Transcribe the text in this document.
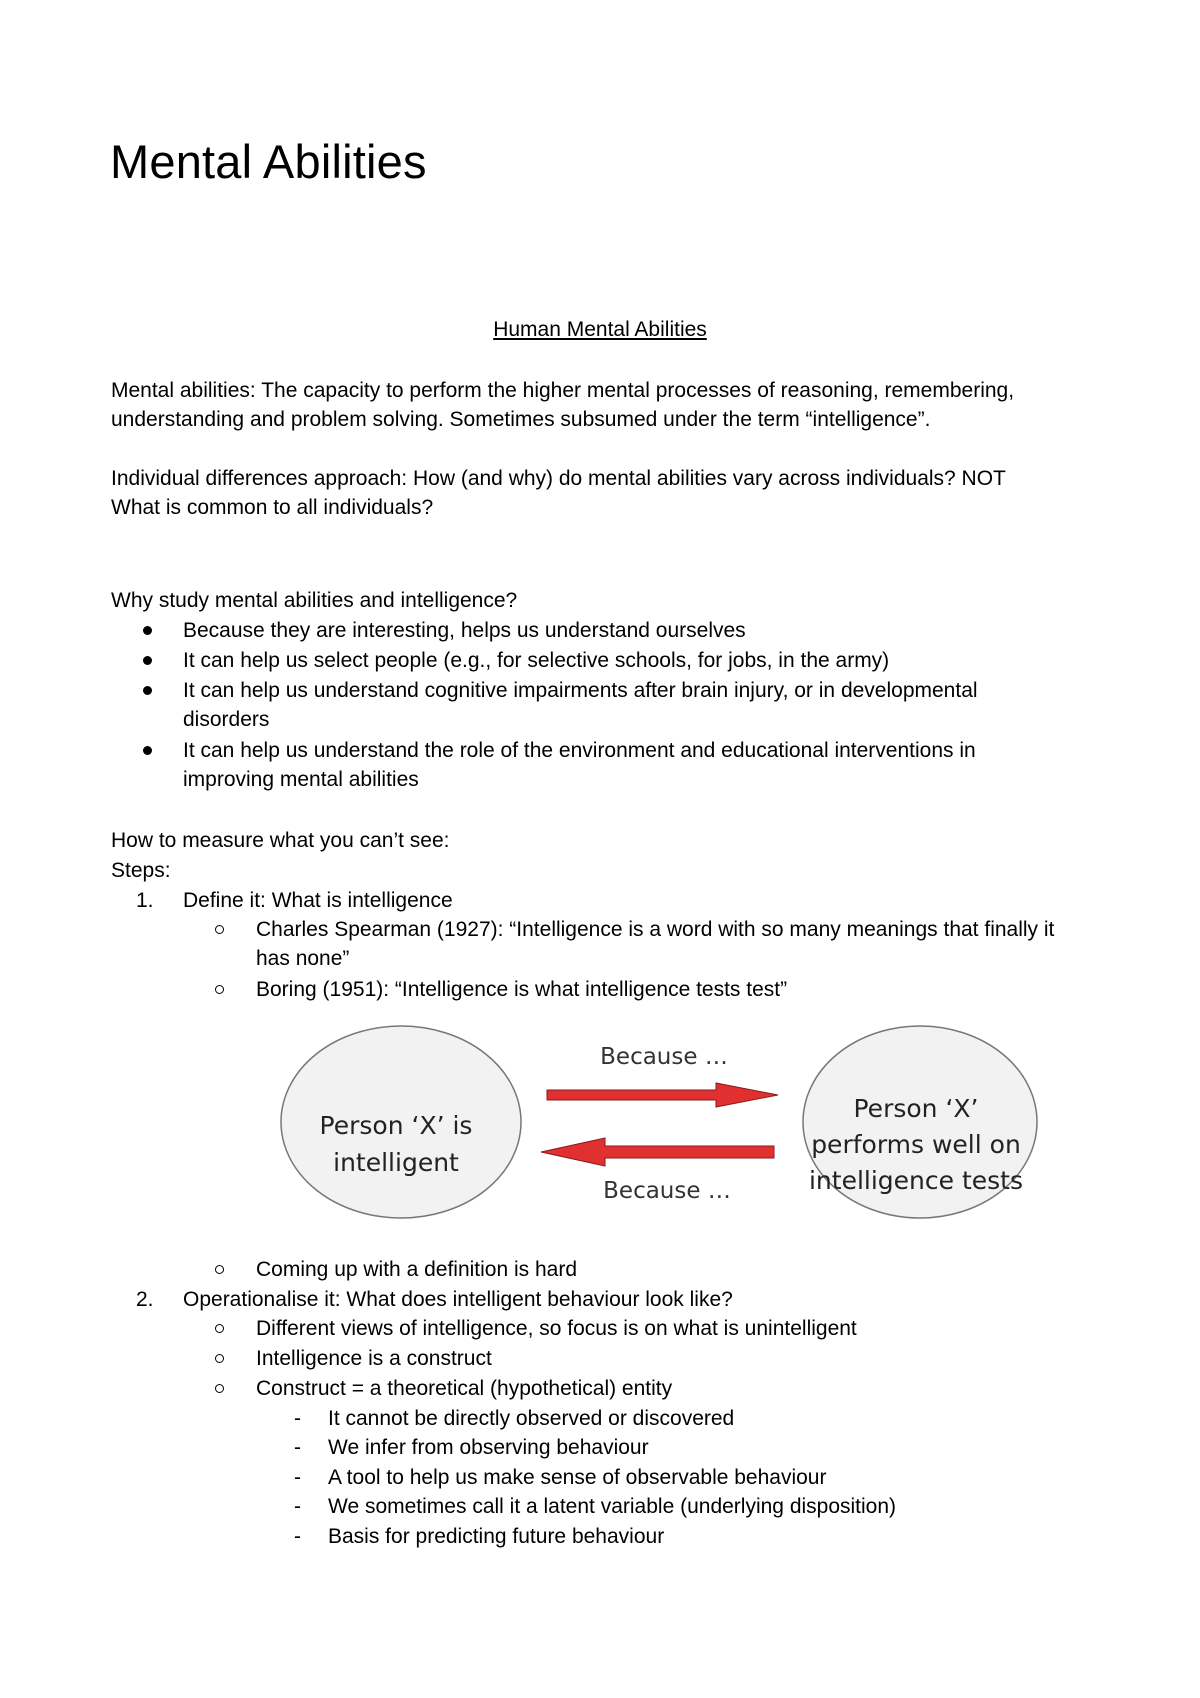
Mental Abilities
Human Mental Abilities
Mental abilities: The capacity to perform the higher mental processes of reasoning, remembering,
understanding and problem solving. Sometimes subsumed under the term “intelligence”.
Individual differences approach: How (and why) do mental abilities vary across individuals? NOT
What is common to all individuals?
Why study mental abilities and intelligence?
Because they are interesting, helps us understand ourselves
It can help us select people (e.g., for selective schools, for jobs, in the army)
It can help us understand cognitive impairments after brain injury, or in developmental
disorders
It can help us understand the role of the environment and educational interventions in
improving mental abilities
How to measure what you can’t see:
Steps:
1. Define it: What is intelligence
Charles Spearman (1927): “Intelligence is a word with so many meanings that finally it
has none”
Boring (1951): “Intelligence is what intelligence tests test”
Person ‘X’ is
intelligent
Person ‘X’
performs well on
intelligence tests
Because …
Because …
Coming up with a definition is hard
2. Operationalise it: What does intelligent behaviour look like?
Different views of intelligence, so focus is on what is unintelligent
Intelligence is a construct
Construct = a theoretical (hypothetical) entity
- It cannot be directly observed or discovered
- We infer from observing behaviour
- A tool to help us make sense of observable behaviour
- We sometimes call it a latent variable (underlying disposition)
- Basis for predicting future behaviour
